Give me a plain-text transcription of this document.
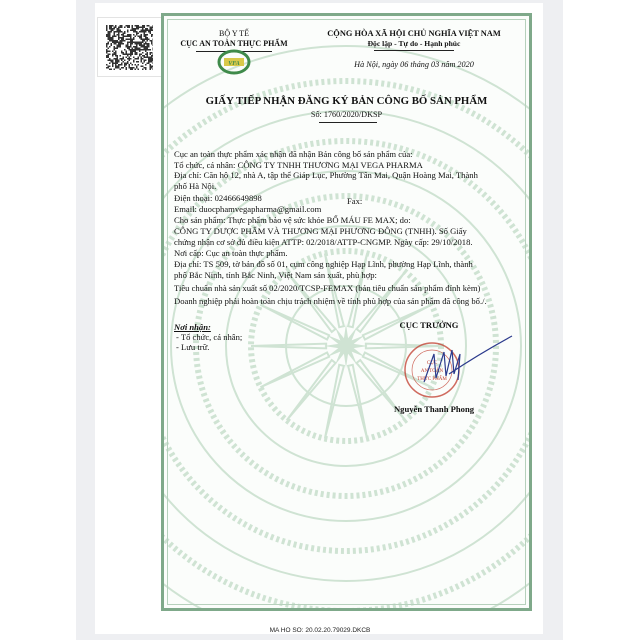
BỘ Y TẾ
CỤC AN TOÀN THỰC PHẨM
VFA
CỘNG HÒA XÃ HỘI CHỦ NGHĨA VIỆT NAM
Độc lập - Tự do - Hạnh phúc
Hà Nội, ngày 06 tháng 03 năm 2020
GIẤY TIẾP NHẬN ĐĂNG KÝ BẢN CÔNG BỐ SẢN PHẨM
Số: 1760/2020/DKSP
Cục an toàn thực phẩm xác nhận đã nhận Bản công bố sản phẩm của:
Tổ chức, cá nhân: CÔNG TY TNHH THƯƠNG MẠI VEGA PHARMA
Địa chỉ: Căn hộ 12, nhà A, tập thể Giáp Lục, Phường Tân Mai, Quận Hoàng Mai, Thành
phố Hà Nội.
Điện thoại: 02466649898
Email: duocphamvegapharma@gmail.com
Cho sản phẩm: Thực phẩm bảo vệ sức khỏe BỔ MÁU FE MAX; do:
CÔNG TY DƯỢC PHẨM VÀ THƯƠNG MẠI PHƯƠNG ĐÔNG (TNHH). Số Giấy
chứng nhận cơ sở đủ điều kiện ATTP: 02/2018/ATTP-CNGMP. Ngày cấp: 29/10/2018.
Nơi cấp: Cục an toàn thực phẩm.
Địa chỉ: TS 509, tờ bản đồ số 01, cụm công nghiệp Hạp Lĩnh, phường Hạp Lĩnh, thành
phố Bắc Ninh, tỉnh Bắc Ninh, Việt Nam sản xuất, phù hợp:
Tiêu chuẩn nhà sản xuất số 02/2020/TCSP-FEMAX (bản tiêu chuẩn sản phẩm đính kèm)
Doanh nghiệp phải hoàn toàn chịu trách nhiệm về tính phù hợp của sản phẩm đã công bố./.
Fax:
Nơi nhận:
- Tổ chức, cá nhân;
- Lưu trữ.
CỤC TRƯỞNG
CỤC
AN TOÀN
THỰC PHẨM
Nguyễn Thanh Phong
MA HO SO: 20.02.20.79029.DKCB
